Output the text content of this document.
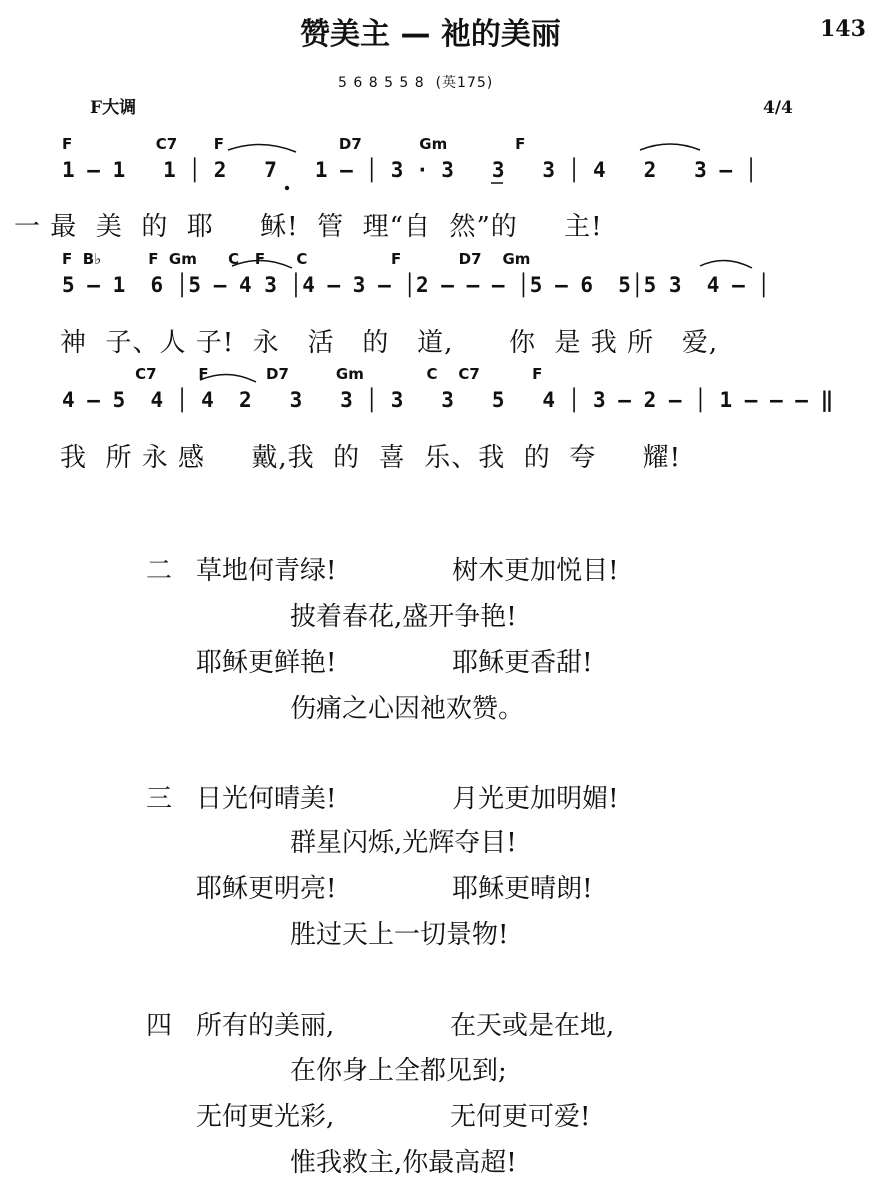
赞美主 — 祂的美丽	143
5 6 8 5 5 8  (英175)
F大调	4/4
F                C7       F                      D7           Gm             F
1 — 1   1 │ 2   7   1 — │ 3 · 3   3   3 │ 4   2   3 — │
一 最  美  的  耶     稣!  管  理“自  然”的     主!
F  B♭         F  Gm      C   F      C                F           D7    Gm
5 — 1  6 │5 — 4 3 │4 — 3 — │2 — — — │5 — 6  5│5 3  4 — │
神  子、人 子!  永   活   的   道,      你  是 我 所   爱,
C7        F           D7         Gm            C    C7          F
4 — 5  4 │ 4  2   3   3 │ 3   3   5   4 │ 3 — 2 — │ 1 — — — ‖
我  所 永 感     戴,我  的  喜  乐、我  的  夸     耀!
二 草地何青绿!              树木更加悦目!
披着春花,盛开争艳!
耶稣更鲜艳!              耶稣更香甜!
伤痛之心因祂欢赞。
三 日光何晴美!              月光更加明媚!
群星闪烁,光辉夺目!
耶稣更明亮!              耶稣更晴朗!
胜过天上一切景物!
四 所有的美丽,              在天或是在地,
在你身上全都见到;
无何更光彩,              无何更可爱!
惟我救主,你最高超!
